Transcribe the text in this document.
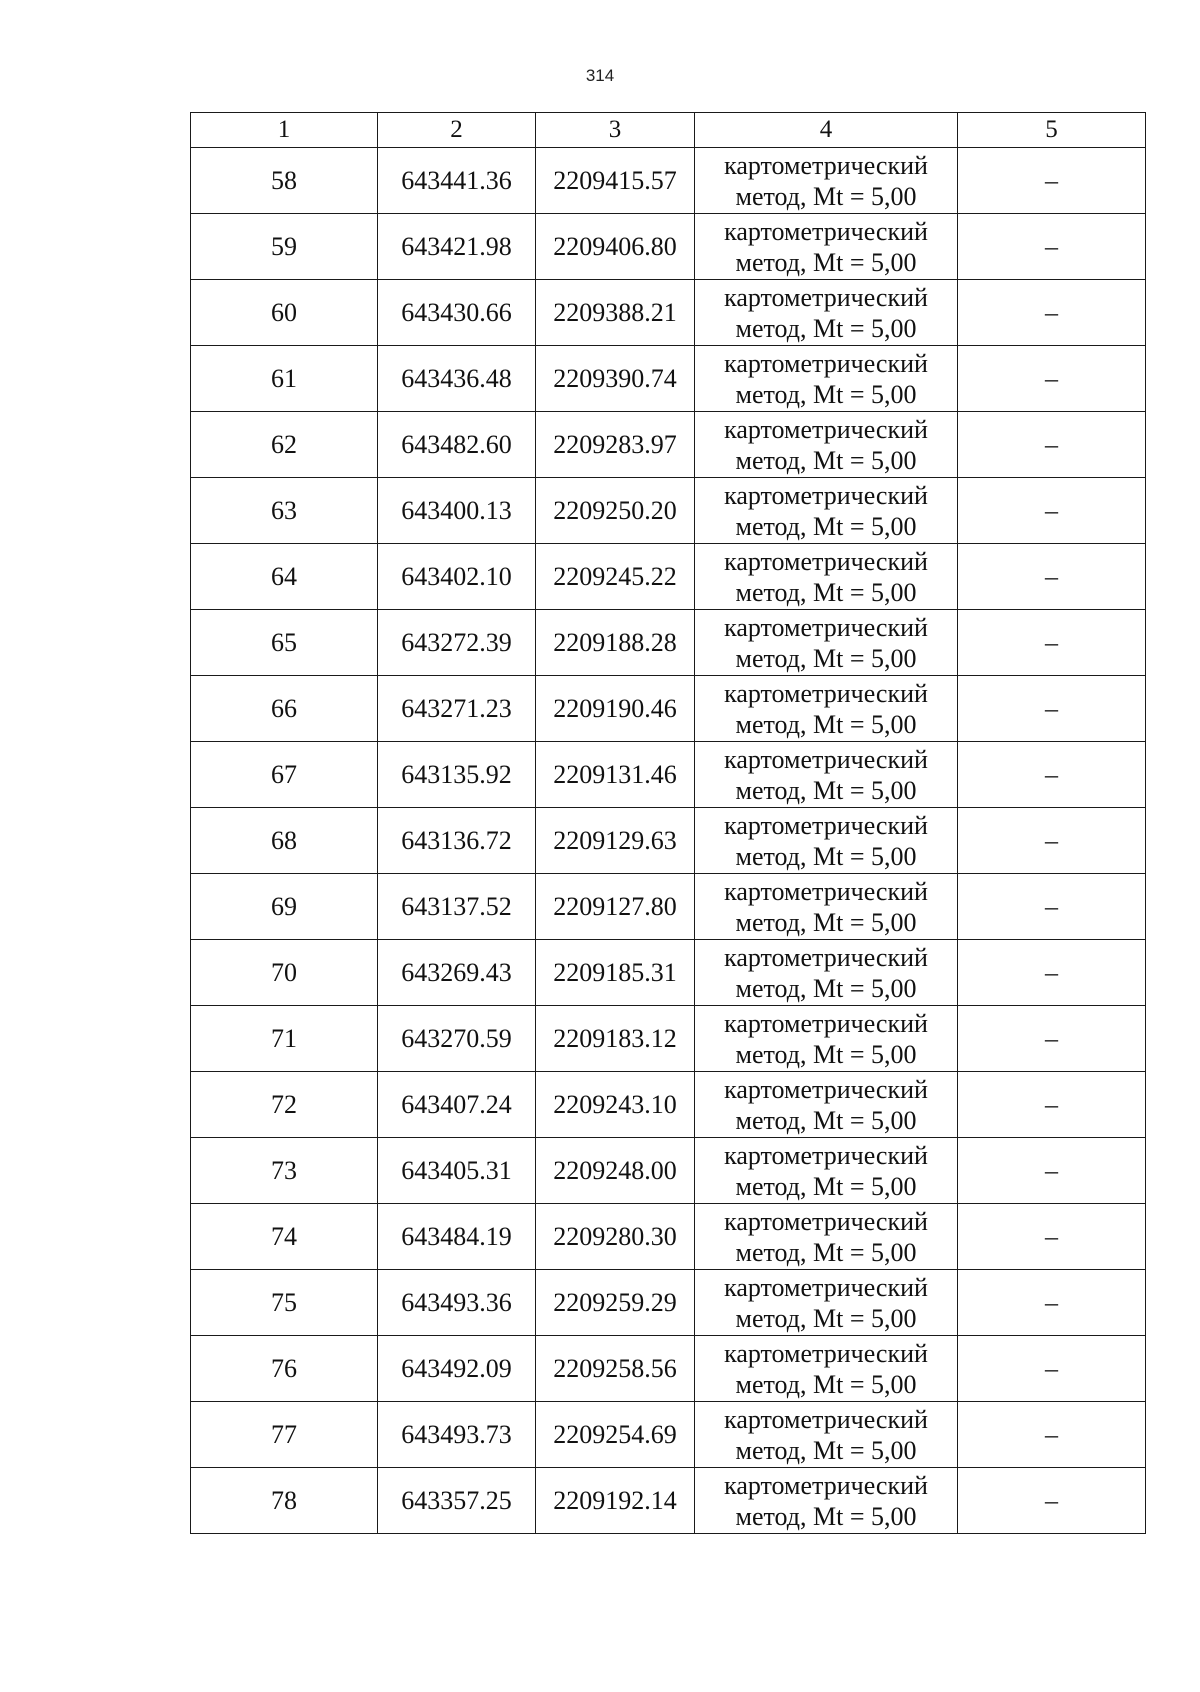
314
1	2	3	4	5
58	643441.36	2209415.57	картометрический
метод, Mt = 5,00	–
59	643421.98	2209406.80	картометрический
метод, Mt = 5,00	–
60	643430.66	2209388.21	картометрический
метод, Mt = 5,00	–
61	643436.48	2209390.74	картометрический
метод, Mt = 5,00	–
62	643482.60	2209283.97	картометрический
метод, Mt = 5,00	–
63	643400.13	2209250.20	картометрический
метод, Mt = 5,00	–
64	643402.10	2209245.22	картометрический
метод, Mt = 5,00	–
65	643272.39	2209188.28	картометрический
метод, Mt = 5,00	–
66	643271.23	2209190.46	картометрический
метод, Mt = 5,00	–
67	643135.92	2209131.46	картометрический
метод, Mt = 5,00	–
68	643136.72	2209129.63	картометрический
метод, Mt = 5,00	–
69	643137.52	2209127.80	картометрический
метод, Mt = 5,00	–
70	643269.43	2209185.31	картометрический
метод, Mt = 5,00	–
71	643270.59	2209183.12	картометрический
метод, Mt = 5,00	–
72	643407.24	2209243.10	картометрический
метод, Mt = 5,00	–
73	643405.31	2209248.00	картометрический
метод, Mt = 5,00	–
74	643484.19	2209280.30	картометрический
метод, Mt = 5,00	–
75	643493.36	2209259.29	картометрический
метод, Mt = 5,00	–
76	643492.09	2209258.56	картометрический
метод, Mt = 5,00	–
77	643493.73	2209254.69	картометрический
метод, Mt = 5,00	–
78	643357.25	2209192.14	картометрический
метод, Mt = 5,00	–
